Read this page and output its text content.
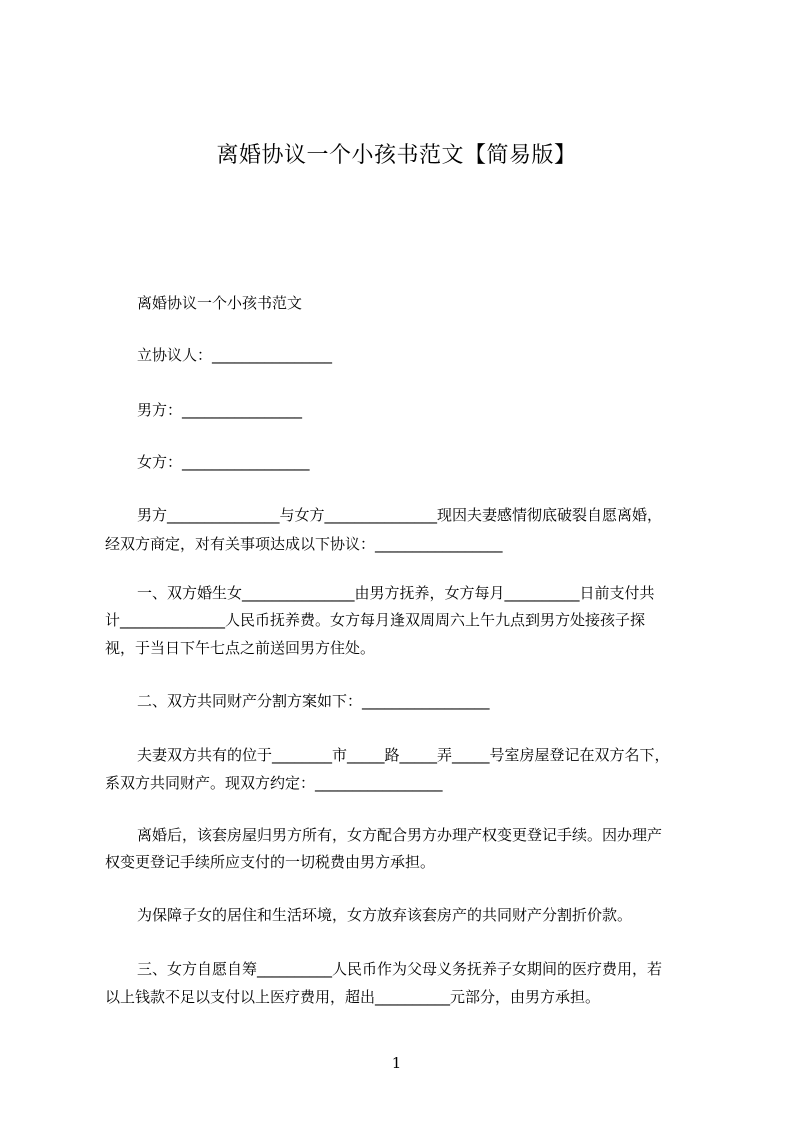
离婚协议一个小孩书范文【简易版】
离婚协议一个小孩书范文
立协议人：________________
男方：________________
女方：_________________
男方_______________与女方_______________现因夫妻感情彻底破裂自愿离婚，
经双方商定，对有关事项达成以下协议：_________________
一、双方婚生女_______________由男方抚养，女方每月__________日前支付共
计______________人民币抚养费。女方每月逢双周周六上午九点到男方处接孩子探
视，于当日下午七点之前送回男方住处。
二、双方共同财产分割方案如下：_________________
夫妻双方共有的位于________市_____路_____弄_____号室房屋登记在双方名下，
系双方共同财产。现双方约定：_________________
离婚后，该套房屋归男方所有，女方配合男方办理产权变更登记手续。因办理产
权变更登记手续所应支付的一切税费由男方承担。
为保障子女的居住和生活环境，女方放弃该套房产的共同财产分割折价款。
三、女方自愿自筹__________人民币作为父母义务抚养子女期间的医疗费用，若
以上钱款不足以支付以上医疗费用，超出__________元部分，由男方承担。
1
